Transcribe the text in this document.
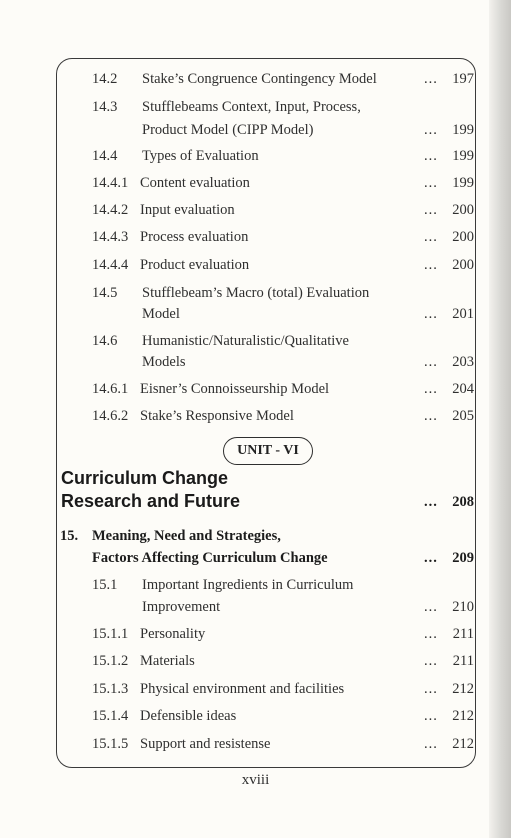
14.2 Stake’s Congruence Contingency Model	... 197
14.3 Stufflebeams Context, Input, Process,
Product Model (CIPP Model)	... 199
14.4 Types of Evaluation	... 199
14.4.1 Content evaluation	... 199
14.4.2 Input evaluation	... 200
14.4.3 Process evaluation	... 200
14.4.4 Product evaluation	... 200
14.5 Stufflebeam’s Macro (total) Evaluation
Model	... 201
14.6 Humanistic/Naturalistic/Qualitative
Models	... 203
14.6.1 Eisner’s Connoisseurship Model	... 204
14.6.2 Stake’s Responsive Model	... 205
UNIT - VI
Curriculum Change
Research and Future	... 208
15. Meaning, Need and Strategies,
Factors Affecting Curriculum Change	... 209
15.1 Important Ingredients in Curriculum
Improvement	... 210
15.1.1 Personality	...	211
15.1.2 Materials	...	211
15.1.3 Physical environment and facilities	... 212
15.1.4 Defensible ideas	... 212
15.1.5 Support and resistense	... 212
xviii
